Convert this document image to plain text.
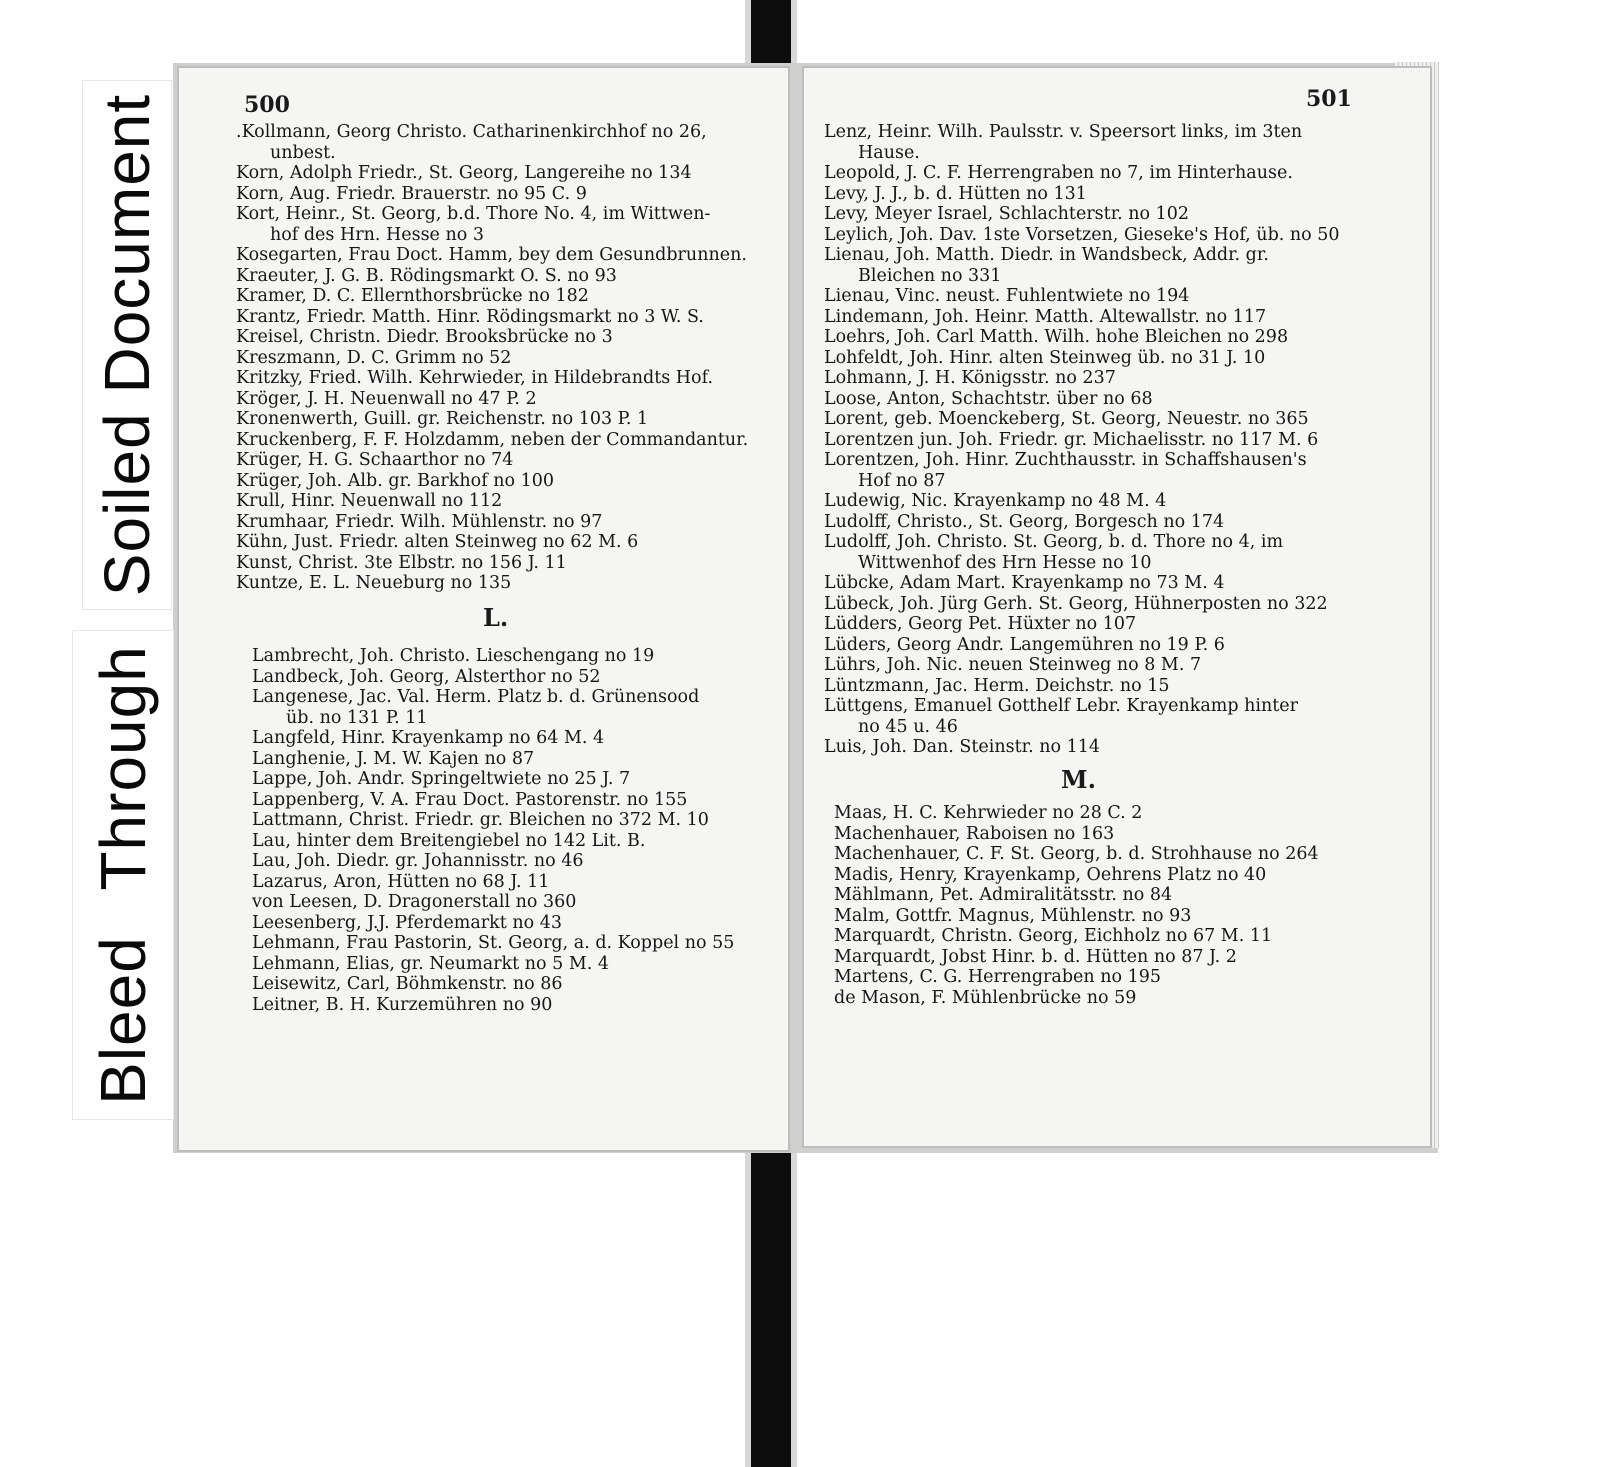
Soiled Document
Bleed Through
500
.Kollmann, Georg Christo. Catharinenkirchhof no 26,
unbest.
Korn, Adolph Friedr., St. Georg, Langereihe no 134
Korn, Aug. Friedr. Brauerstr. no 95 C. 9
Kort, Heinr., St. Georg, b.d. Thore No. 4, im Wittwen-
hof des Hrn. Hesse no 3
Kosegarten, Frau Doct. Hamm, bey dem Gesundbrunnen.
Kraeuter, J. G. B. Rödingsmarkt O. S. no 93
Kramer, D. C. Ellernthorsbrücke no 182
Krantz, Friedr. Matth. Hinr. Rödingsmarkt no 3 W. S.
Kreisel, Christn. Diedr. Brooksbrücke no 3
Kreszmann, D. C. Grimm no 52
Kritzky, Fried. Wilh. Kehrwieder, in Hildebrandts Hof.
Kröger, J. H. Neuenwall no 47 P. 2
Kronenwerth, Guill. gr. Reichenstr. no 103 P. 1
Kruckenberg, F. F. Holzdamm, neben der Commandantur.
Krüger, H. G. Schaarthor no 74
Krüger, Joh. Alb. gr. Barkhof no 100
Krull, Hinr. Neuenwall no 112
Krumhaar, Friedr. Wilh. Mühlenstr. no 97
Kühn, Just. Friedr. alten Steinweg no 62 M. 6
Kunst, Christ. 3te Elbstr. no 156 J. 11
Kuntze, E. L. Neueburg no 135
L.
Lambrecht, Joh. Christo. Lieschengang no 19
Landbeck, Joh. Georg, Alsterthor no 52
Langenese, Jac. Val. Herm. Platz b. d. Grünensood
üb. no 131 P. 11
Langfeld, Hinr. Krayenkamp no 64 M. 4
Langhenie, J. M. W. Kajen no 87
Lappe, Joh. Andr. Springeltwiete no 25 J. 7
Lappenberg, V. A. Frau Doct. Pastorenstr. no 155
Lattmann, Christ. Friedr. gr. Bleichen no 372 M. 10
Lau, hinter dem Breitengiebel no 142 Lit. B.
Lau, Joh. Diedr. gr. Johannisstr. no 46
Lazarus, Aron, Hütten no 68 J. 11
von Leesen, D. Dragonerstall no 360
Leesenberg, J.J. Pferdemarkt no 43
Lehmann, Frau Pastorin, St. Georg, a. d. Koppel no 55
Lehmann, Elias, gr. Neumarkt no 5 M. 4
Leisewitz, Carl, Böhmkenstr. no 86
Leitner, B. H. Kurzemühren no 90
501
Lenz, Heinr. Wilh. Paulsstr. v. Speersort links, im 3ten
Hause.
Leopold, J. C. F. Herrengraben no 7, im Hinterhause.
Levy, J. J., b. d. Hütten no 131
Levy, Meyer Israel, Schlachterstr. no 102
Leylich, Joh. Dav. 1ste Vorsetzen, Gieseke's Hof, üb. no 50
Lienau, Joh. Matth. Diedr. in Wandsbeck, Addr. gr.
Bleichen no 331
Lienau, Vinc. neust. Fuhlentwiete no 194
Lindemann, Joh. Heinr. Matth. Altewallstr. no 117
Loehrs, Joh. Carl Matth. Wilh. hohe Bleichen no 298
Lohfeldt, Joh. Hinr. alten Steinweg üb. no 31 J. 10
Lohmann, J. H. Königsstr. no 237
Loose, Anton, Schachtstr. über no 68
Lorent, geb. Moenckeberg, St. Georg, Neuestr. no 365
Lorentzen jun. Joh. Friedr. gr. Michaelisstr. no 117 M. 6
Lorentzen, Joh. Hinr. Zuchthausstr. in Schaffshausen's
Hof no 87
Ludewig, Nic. Krayenkamp no 48 M. 4
Ludolff, Christo., St. Georg, Borgesch no 174
Ludolff, Joh. Christo. St. Georg, b. d. Thore no 4, im
Wittwenhof des Hrn Hesse no 10
Lübcke, Adam Mart. Krayenkamp no 73 M. 4
Lübeck, Joh. Jürg Gerh. St. Georg, Hühnerposten no 322
Lüdders, Georg Pet. Hüxter no 107
Lüders, Georg Andr. Langemühren no 19 P. 6
Lührs, Joh. Nic. neuen Steinweg no 8 M. 7
Lüntzmann, Jac. Herm. Deichstr. no 15
Lüttgens, Emanuel Gotthelf Lebr. Krayenkamp hinter
no 45 u. 46
Luis, Joh. Dan. Steinstr. no 114
M.
Maas, H. C. Kehrwieder no 28 C. 2
Machenhauer, Raboisen no 163
Machenhauer, C. F. St. Georg, b. d. Strohhause no 264
Madis, Henry, Krayenkamp, Oehrens Platz no 40
Mählmann, Pet. Admiralitätsstr. no 84
Malm, Gottfr. Magnus, Mühlenstr. no 93
Marquardt, Christn. Georg, Eichholz no 67 M. 11
Marquardt, Jobst Hinr. b. d. Hütten no 87 J. 2
Martens, C. G. Herrengraben no 195
de Mason, F. Mühlenbrücke no 59
